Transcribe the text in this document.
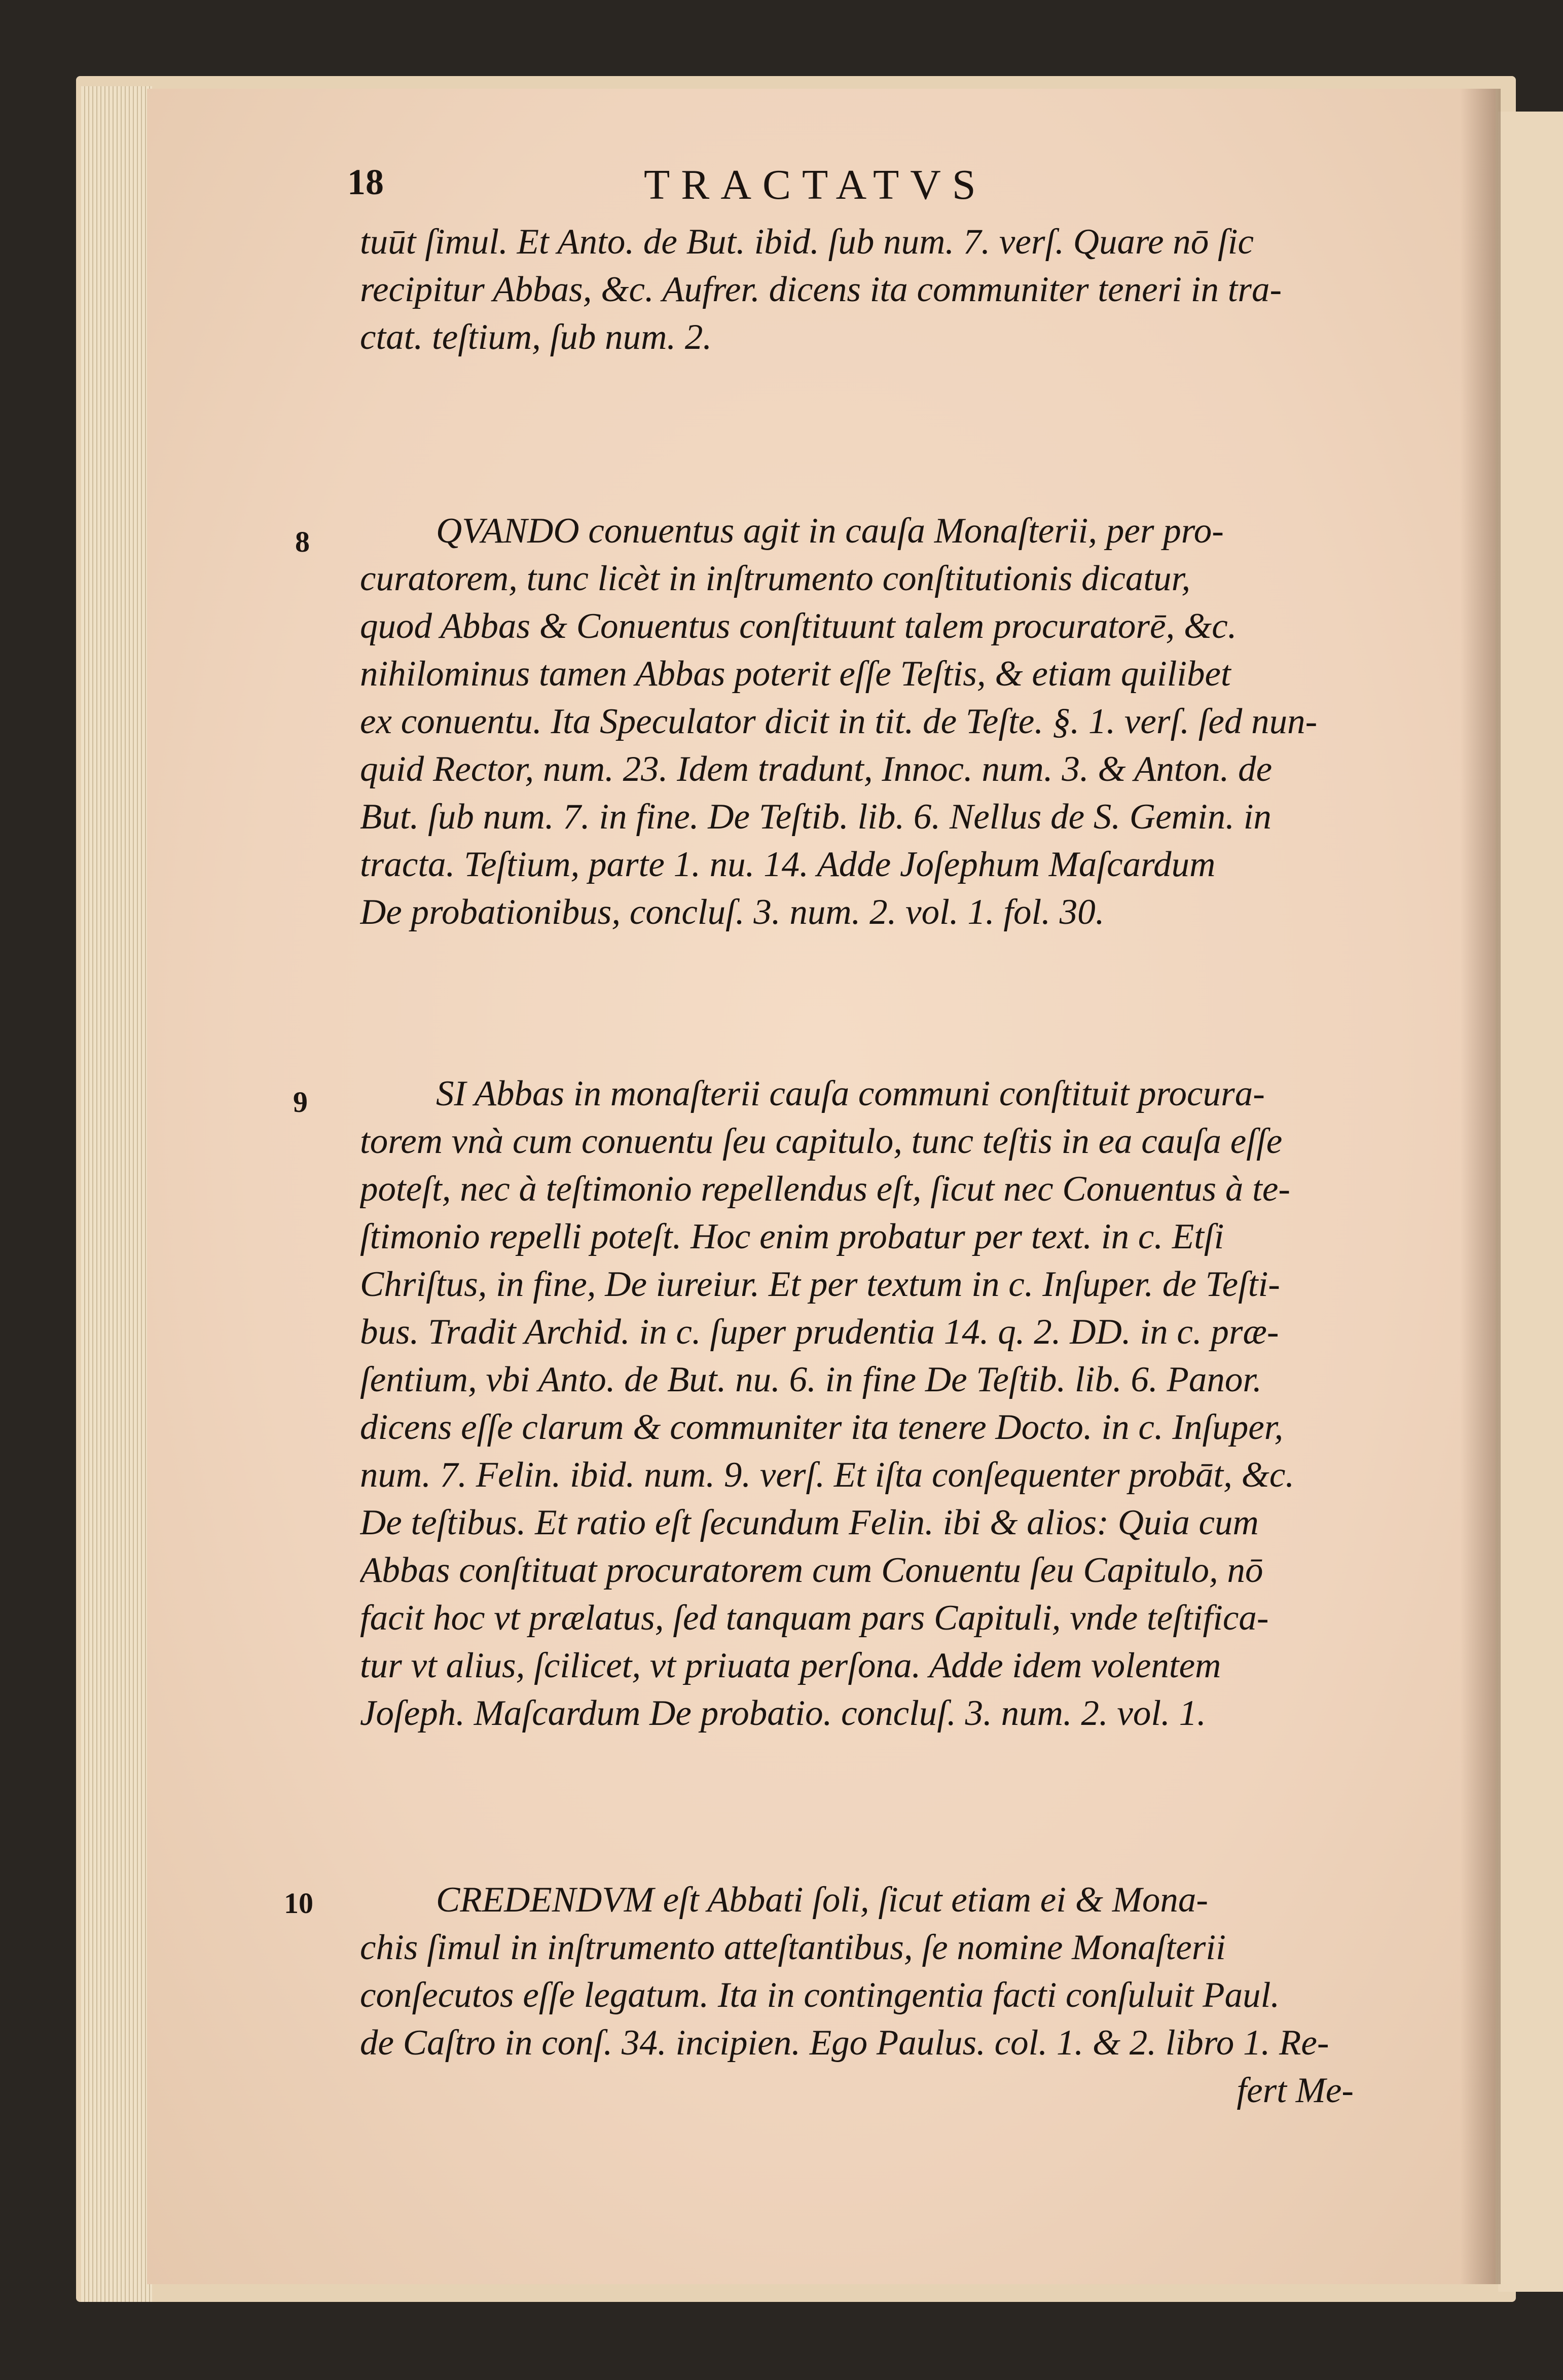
18	TRACTATVS

tuūt ſimul. Et Anto. de But. ibid. ſub num. 7. verſ. Quare nō ſic
recipitur Abbas, &c. Aufrer. dicens ita communiter teneri in tra-
ctat. teſtium, ſub num. 2.

8	QVANDO conuentus agit in cauſa Monaſterii, per pro-
curatorem, tunc licèt in inſtrumento conſtitutionis dicatur,
quod Abbas & Conuentus conſtituunt talem procuratorē, &c.
nihilominus tamen Abbas poterit eſſe Teſtis, & etiam quilibet
ex conuentu. Ita Speculator dicit in tit. de Teſte. §. 1. verſ. ſed nun-
quid Rector, num. 23. Idem tradunt, Innoc. num. 3. & Anton. de
But. ſub num. 7. in fine. De Teſtib. lib. 6. Nellus de S. Gemin. in
tracta. Teſtium, parte 1. nu. 14. Adde Joſephum Maſcardum
De probationibus, concluſ. 3. num. 2. vol. 1. fol. 30.

9	SI Abbas in monaſterii cauſa communi conſtituit procura-
torem vnà cum conuentu ſeu capitulo, tunc teſtis in ea cauſa eſſe
poteſt, nec à teſtimonio repellendus eſt, ſicut nec Conuentus à te-
ſtimonio repelli poteſt. Hoc enim probatur per text. in c. Etſi
Chriſtus, in fine, De iureiur. Et per textum in c. Inſuper. de Teſti-
bus. Tradit Archid. in c. ſuper prudentia 14. q. 2. DD. in c. præ-
ſentium, vbi Anto. de But. nu. 6. in fine De Teſtib. lib. 6. Panor.
dicens eſſe clarum & communiter ita tenere Docto. in c. Inſuper,
num. 7. Felin. ibid. num. 9. verſ. Et iſta conſequenter probāt, &c.
De teſtibus. Et ratio eſt ſecundum Felin. ibi & alios: Quia cum
Abbas conſtituat procuratorem cum Conuentu ſeu Capitulo, nō
facit hoc vt prælatus, ſed tanquam pars Capituli, vnde teſtifica-
tur vt alius, ſcilicet, vt priuata perſona. Adde idem volentem
Joſeph. Maſcardum De probatio. concluſ. 3. num. 2. vol. 1.

10	CREDENDVM eſt Abbati ſoli, ſicut etiam ei & Mona-
chis ſimul in inſtrumento atteſtantibus, ſe nomine Monaſterii
conſecutos eſſe legatum. Ita in contingentia facti conſuluit Paul.
de Caſtro in conſ. 34. incipien. Ego Paulus. col. 1. & 2. libro 1. Re-
fert Me-
